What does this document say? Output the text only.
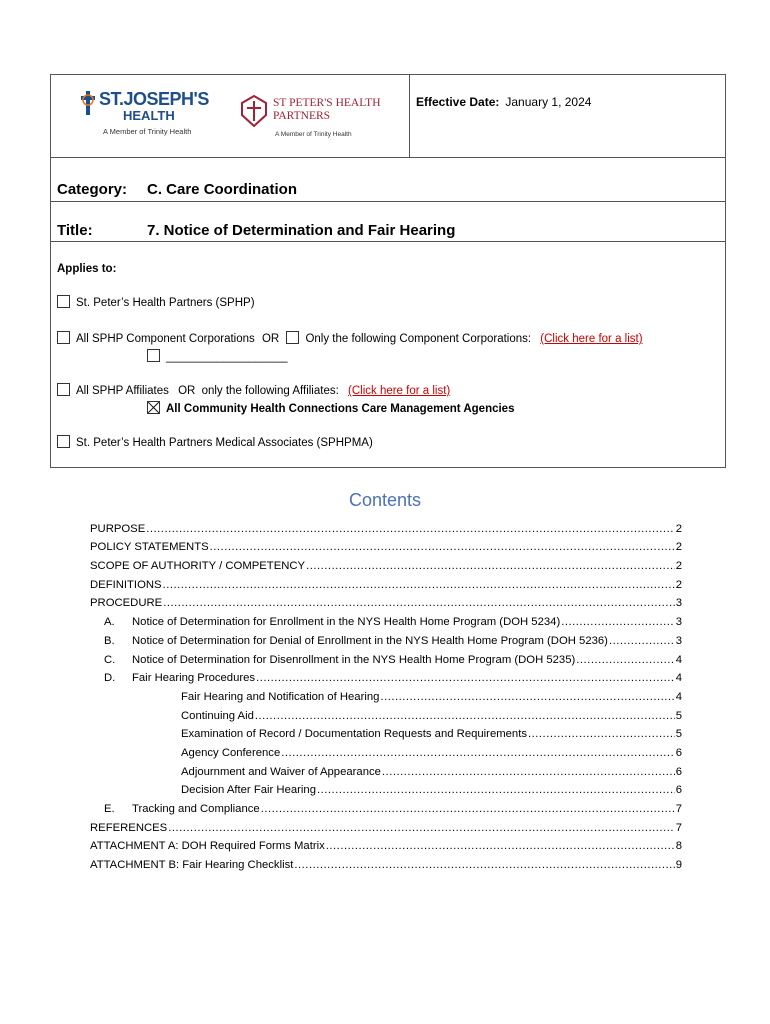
ST.JOSEPH'S
HEALTH
A Member of Trinity Health
ST PETER'S HEALTH
PARTNERS
A Member of Trinity Health
Effective Date: January 1, 2024
Category: C. Care Coordination
Title:	7. Notice of Determination and Fair Hearing
Applies to:
St. Peter’s Health Partners (SPHP)
All SPHP Component Corporations OR Only the following Component Corporations: (Click here for a list)
___________________
All SPHP Affiliates OR only the following Affiliates: (Click here for a list)
All Community Health Connections Care Management Agencies
St. Peter’s Health Partners Medical Associates (SPHPMA)
Contents
PURPOSE .....	2
POLICY STATEMENTS .....	2
SCOPE OF AUTHORITY / COMPETENCY .....	2
DEFINITIONS .....	2
PROCEDURE .....	3
A.	Notice of Determination for Enrollment in the NYS Health Home Program (DOH 5234) .....	3
B.	Notice of Determination for Denial of Enrollment in the NYS Health Home Program (DOH 5236) .....	3
C.	Notice of Determination for Disenrollment in the NYS Health Home Program (DOH 5235) .....	4
D.	Fair Hearing Procedures .....	4
Fair Hearing and Notification of Hearing .....	4
Continuing Aid .....	5
Examination of Record / Documentation Requests and Requirements .....	5
Agency Conference .....	6
Adjournment and Waiver of Appearance .....	6
Decision After Fair Hearing .....	6
E.	Tracking and Compliance .....	7
REFERENCES .....	7
ATTACHMENT A: DOH Required Forms Matrix .....	8
ATTACHMENT B: Fair Hearing Checklist .....	9
